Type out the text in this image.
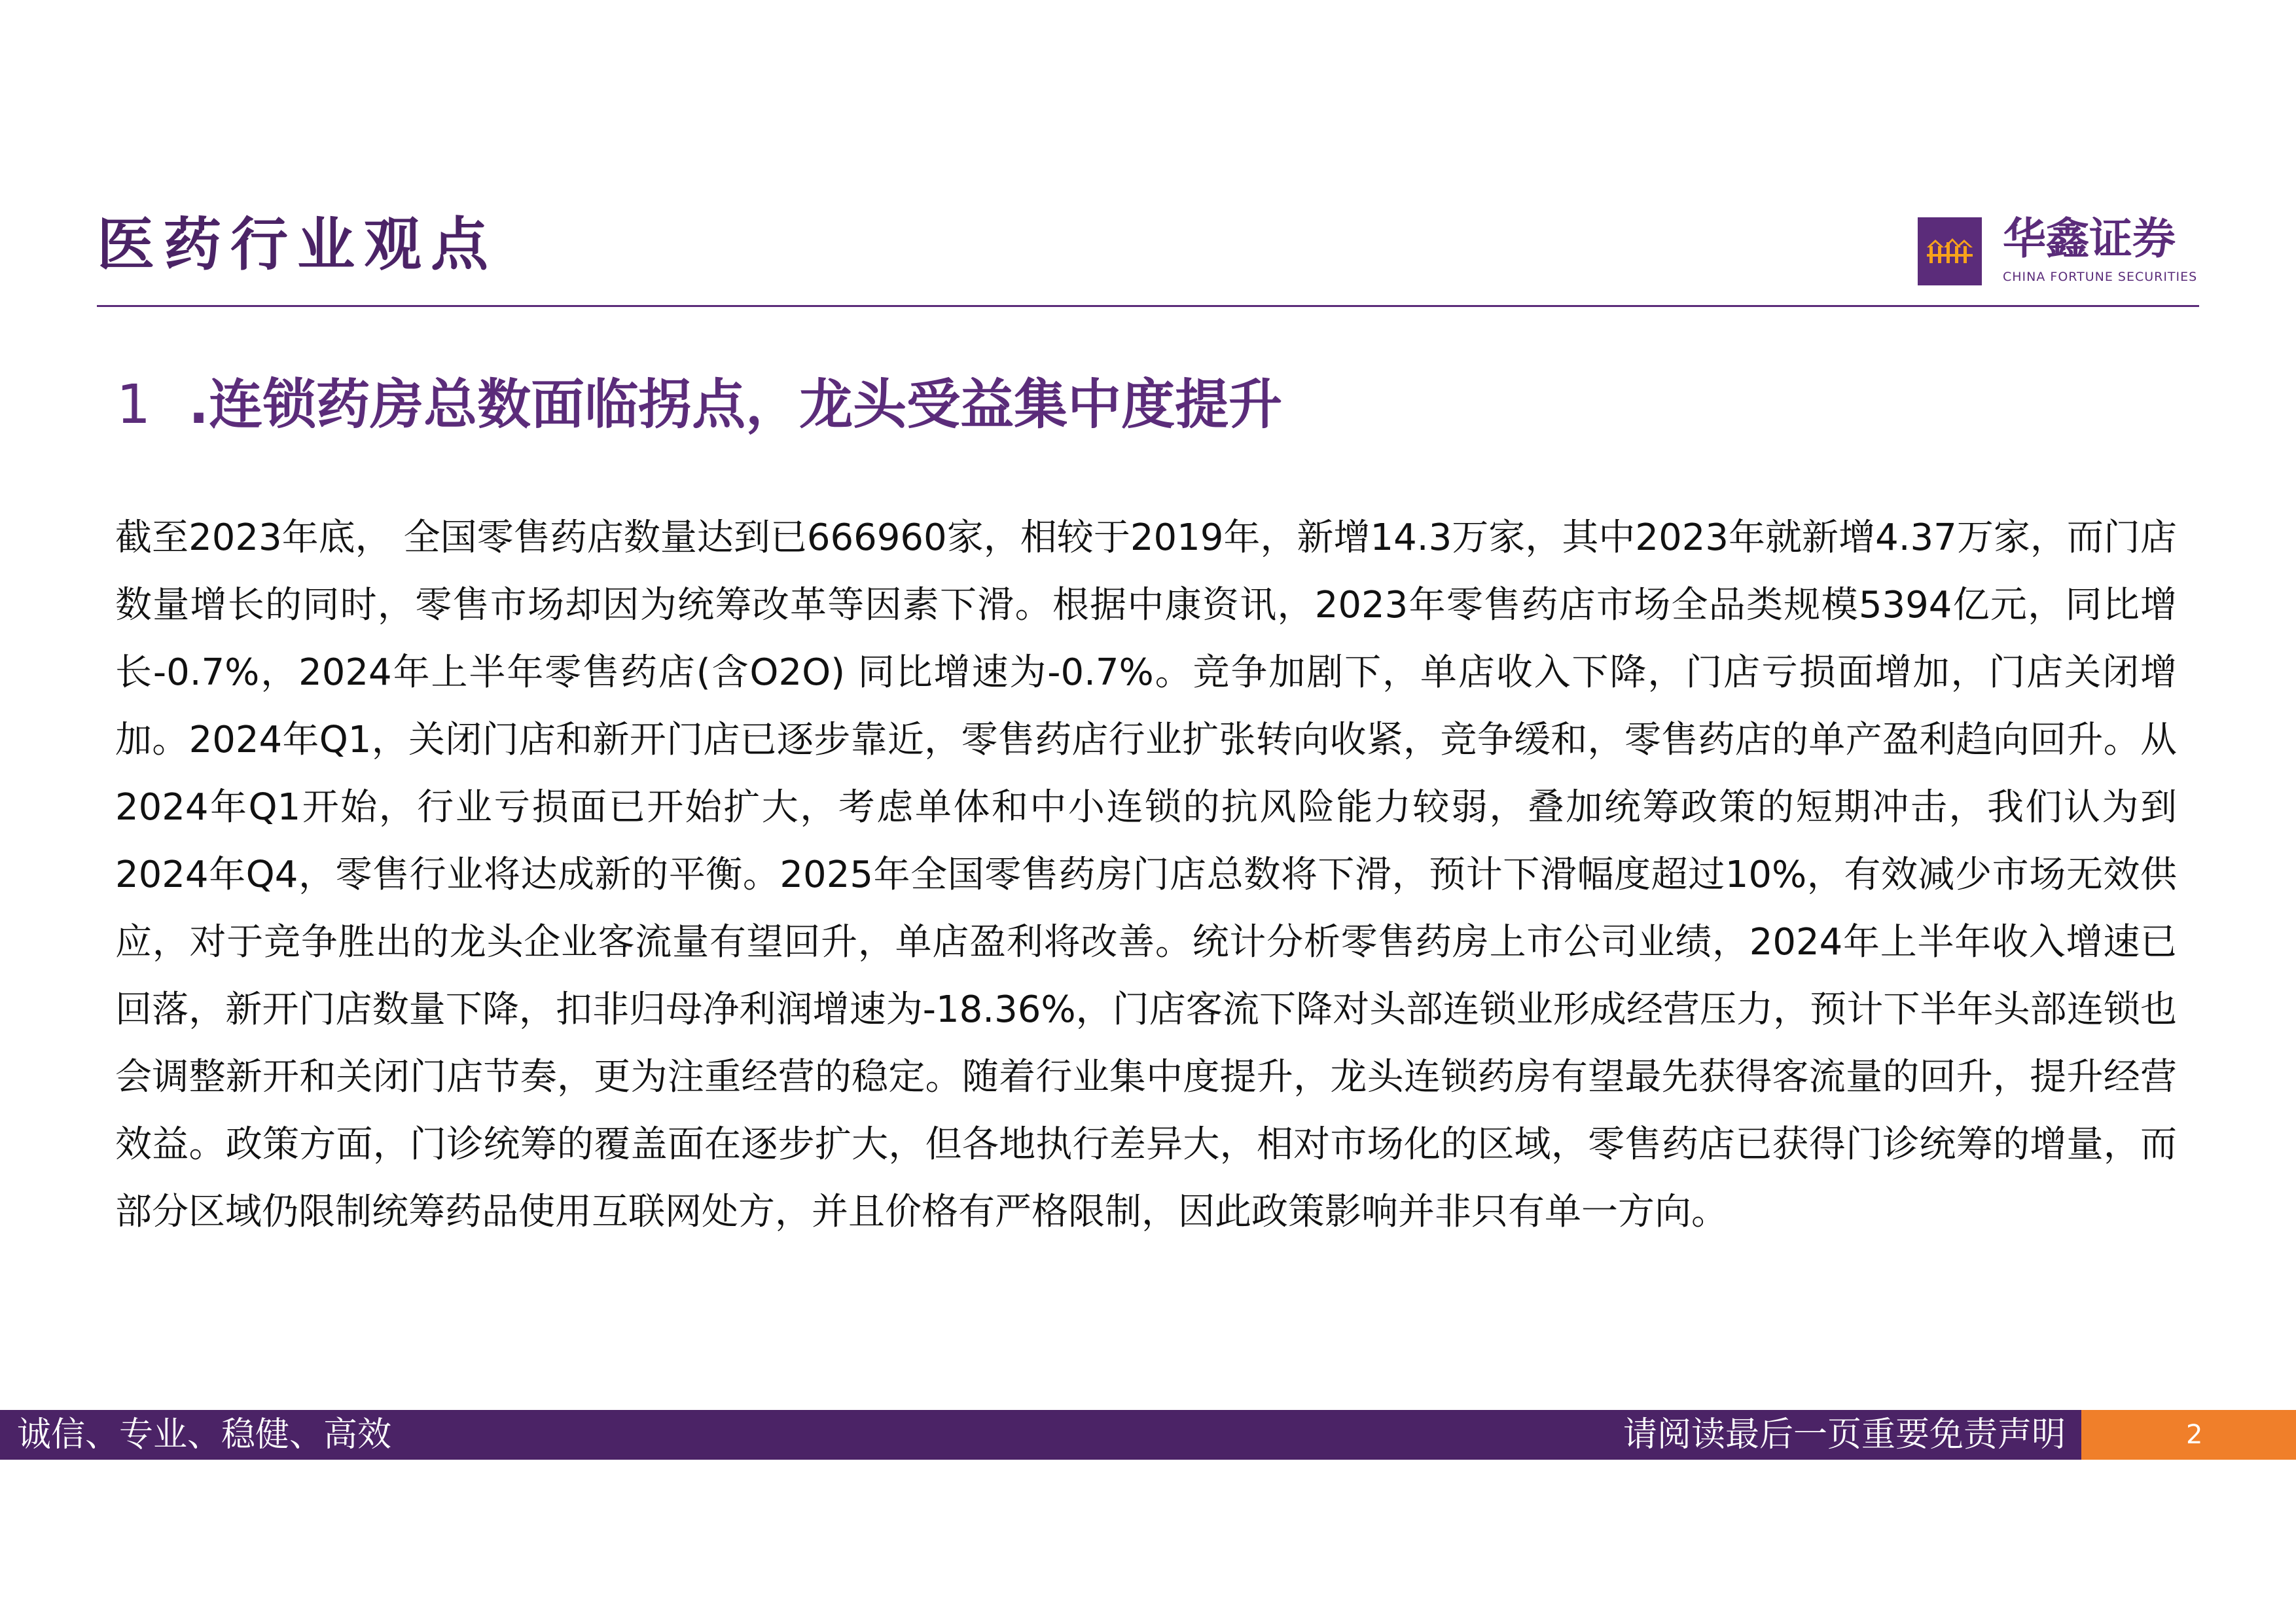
医药行业观点	华鑫证券
CHINA FORTUNE SECURITIES
1 .连锁药房总数面临拐点，龙头受益集中度提升

截至2023年底， 全国零售药店数量达到已666960家，相较于2019年，新增14.3万家，其中2023年就新增4.37万家，而门店数量增长的同时，零售市场却因为统筹改革等因素下滑。根据中康资讯，2023年零售药店市场全品类规模5394亿元，同比增长-0.7%，2024年上半年零售药店(含O2O) 同比增速为-0.7%。竞争加剧下，单店收入下降，门店亏损面增加，门店关闭增加。2024年Q1，关闭门店和新开门店已逐步靠近，零售药店行业扩张转向收紧，竞争缓和，零售药店的单产盈利趋向回升。从2024年Q1开始，行业亏损面已开始扩大，考虑单体和中小连锁的抗风险能力较弱，叠加统筹政策的短期冲击，我们认为到2024年Q4，零售行业将达成新的平衡。2025年全国零售药房门店总数将下滑，预计下滑幅度超过10%，有效减少市场无效供应，对于竞争胜出的龙头企业客流量有望回升，单店盈利将改善。统计分析零售药房上市公司业绩，2024年上半年收入增速已回落，新开门店数量下降，扣非归母净利润增速为-18.36%，门店客流下降对头部连锁业形成经营压力，预计下半年头部连锁也会调整新开和关闭门店节奏，更为注重经营的稳定。随着行业集中度提升，龙头连锁药房有望最先获得客流量的回升，提升经营效益。政策方面，门诊统筹的覆盖面在逐步扩大，但各地执行差异大，相对市场化的区域，零售药店已获得门诊统筹的增量，而部分区域仍限制统筹药品使用互联网处方，并且价格有严格限制，因此政策影响并非只有单一方向。

诚信、专业、稳健、高效	请阅读最后一页重要免责声明	2
